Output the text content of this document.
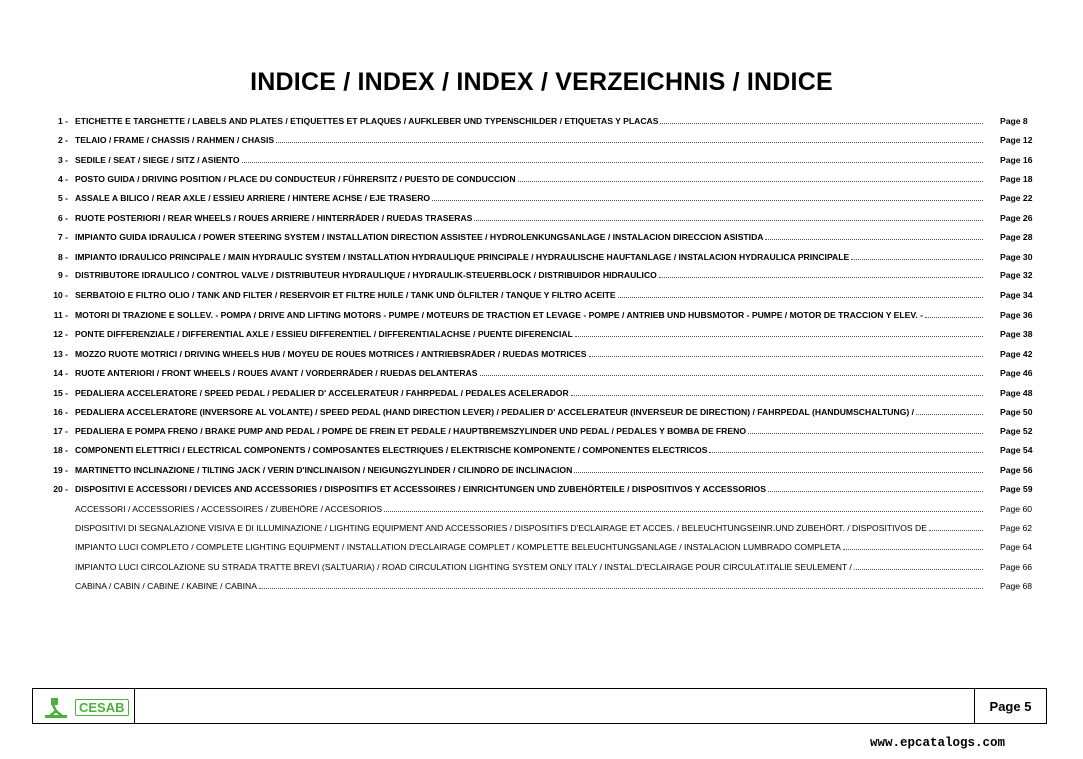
INDICE / INDEX / INDEX / VERZEICHNIS / INDICE
1 - ETICHETTE E TARGHETTE / LABELS AND PLATES / ETIQUETTES ET PLAQUES / AUFKLEBER UND TYPENSCHILDER / ETIQUETAS Y PLACAS	Page 8
2 - TELAIO / FRAME / CHASSIS / RAHMEN / CHASIS	Page 12
3 - SEDILE / SEAT / SIEGE / SITZ / ASIENTO	Page 16
4 - POSTO GUIDA / DRIVING POSITION / PLACE DU CONDUCTEUR / FÜHRERSITZ / PUESTO DE CONDUCCION	Page 18
5 - ASSALE A BILICO / REAR AXLE / ESSIEU ARRIERE / HINTERE ACHSE / EJE TRASERO	Page 22
6 - RUOTE POSTERIORI / REAR WHEELS / ROUES ARRIERE / HINTERRÄDER / RUEDAS TRASERAS	Page 26
7 - IMPIANTO GUIDA IDRAULICA / POWER STEERING SYSTEM / INSTALLATION DIRECTION ASSISTEE / HYDROLENKUNGSANLAGE / INSTALACION DIRECCION ASISTIDA	Page 28
8 - IMPIANTO IDRAULICO PRINCIPALE / MAIN HYDRAULIC SYSTEM / INSTALLATION HYDRAULIQUE PRINCIPALE / HYDRAULISCHE HAUFTANLAGE / INSTALACION HYDRAULICA PRINCIPALE	Page 30
9 - DISTRIBUTORE IDRAULICO / CONTROL VALVE / DISTRIBUTEUR HYDRAULIQUE / HYDRAULIK-STEUERBLOCK / DISTRIBUIDOR HIDRAULICO	Page 32
10 - SERBATOIO E FILTRO OLIO / TANK AND FILTER / RESERVOIR ET FILTRE HUILE / TANK UND ÖLFILTER / TANQUE Y FILTRO ACEITE	Page 34
11 - MOTORI DI TRAZIONE E SOLLEV. - POMPA / DRIVE AND LIFTING MOTORS - PUMPE / MOTEURS DE TRACTION ET LEVAGE - POMPE / ANTRIEB UND HUBSMOTOR - PUMPE / MOTOR DE TRACCION Y ELEV. -	Page 36
12 - PONTE DIFFERENZIALE / DIFFERENTIAL AXLE / ESSIEU DIFFERENTIEL / DIFFERENTIALACHSE / PUENTE DIFERENCIAL	Page 38
13 - MOZZO RUOTE MOTRICI / DRIVING WHEELS HUB / MOYEU DE ROUES MOTRICES / ANTRIEBSRÄDER / RUEDAS MOTRICES	Page 42
14 - RUOTE ANTERIORI / FRONT WHEELS / ROUES AVANT / VORDERRÄDER / RUEDAS DELANTERAS	Page 46
15 - PEDALIERA ACCELERATORE / SPEED PEDAL / PEDALIER D' ACCELERATEUR / FAHRPEDAL / PEDALES ACELERADOR	Page 48
16 - PEDALIERA ACCELERATORE (INVERSORE AL VOLANTE) / SPEED PEDAL (HAND DIRECTION LEVER) / PEDALIER D' ACCELERATEUR (INVERSEUR DE DIRECTION) / FAHRPEDAL (HANDUMSCHALTUNG) /	Page 50
17 - PEDALIERA E POMPA FRENO / BRAKE PUMP AND PEDAL / POMPE DE FREIN ET PEDALE / HAUPTBREMSZYLINDER UND PEDAL / PEDALES Y BOMBA DE FRENO	Page 52
18 - COMPONENTI ELETTRICI / ELECTRICAL COMPONENTS / COMPOSANTES ELECTRIQUES / ELEKTRISCHE KOMPONENTE / COMPONENTES ELECTRICOS	Page 54
19 - MARTINETTO INCLINAZIONE / TILTING JACK / VERIN D'INCLINAISON / NEIGUNGZYLINDER / CILINDRO DE INCLINACION	Page 56
20 - DISPOSITIVI E ACCESSORI / DEVICES AND ACCESSORIES / DISPOSITIFS ET ACCESSOIRES / EINRICHTUNGEN UND ZUBEHÖRTEILE / DISPOSITIVOS Y ACCESSORIOS	Page 59
ACCESSORI / ACCESSORIES / ACCESSOIRES / ZUBEHÖRE / ACCESORIOS	Page 60
DISPOSITIVI DI SEGNALAZIONE VISIVA E DI ILLUMINAZIONE / LIGHTING EQUIPMENT AND ACCESSORIES / DISPOSITIFS D'ECLAIRAGE ET ACCES. / BELEUCHTUNGSEINR.UND ZUBEHÖRT. / DISPOSITIVOS DE	Page 62
IMPIANTO LUCI COMPLETO / COMPLETE LIGHTING EQUIPMENT / INSTALLATION D'ECLAIRAGE COMPLET / KOMPLETTE BELEUCHTUNGSANLAGE / INSTALACION LUMBRADO COMPLETA	Page 64
IMPIANTO LUCI CIRCOLAZIONE SU STRADA TRATTE BREVI (SALTUARIA) / ROAD CIRCULATION LIGHTING SYSTEM ONLY ITALY / INSTAL.D'ECLAIRAGE POUR CIRCULAT.ITALIE SEULEMENT /	Page 66
CABINA / CABIN / CABINE / KABINE / CABINA	Page 68
CESAB	Page 5
www.epcatalogs.com
